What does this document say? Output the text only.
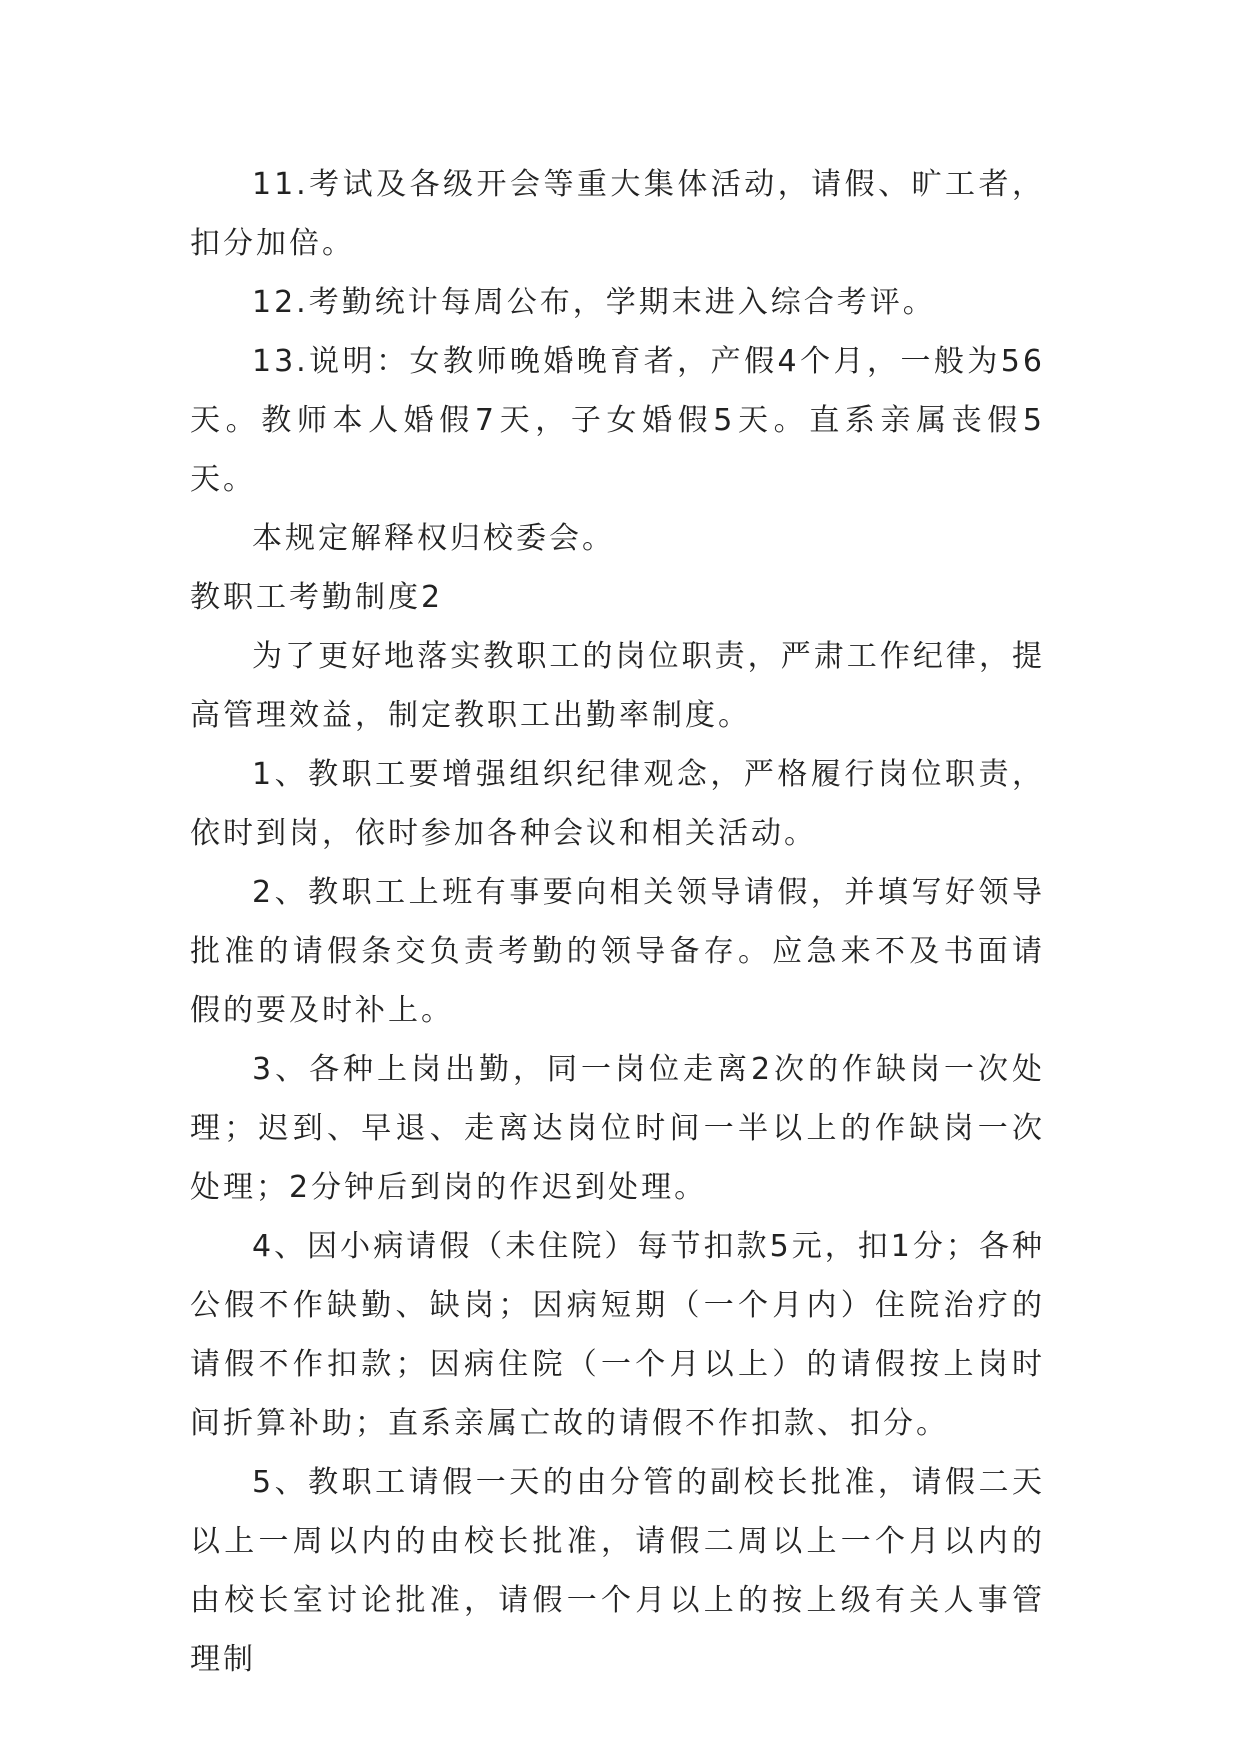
11.考试及各级开会等重大集体活动，请假、旷工者，扣分加倍。

12.考勤统计每周公布，学期末进入综合考评。

13.说明：女教师晚婚晚育者，产假4个月，一般为56天。教师本人婚假7天，子女婚假5天。直系亲属丧假5天。

本规定解释权归校委会。

教职工考勤制度2

为了更好地落实教职工的岗位职责，严肃工作纪律，提高管理效益，制定教职工出勤率制度。

1、教职工要增强组织纪律观念，严格履行岗位职责，依时到岗，依时参加各种会议和相关活动。

2、教职工上班有事要向相关领导请假，并填写好领导批准的请假条交负责考勤的领导备存。应急来不及书面请假的要及时补上。

3、各种上岗出勤，同一岗位走离2次的作缺岗一次处理；迟到、早退、走离达岗位时间一半以上的作缺岗一次处理；2分钟后到岗的作迟到处理。

4、因小病请假（未住院）每节扣款5元，扣1分；各种公假不作缺勤、缺岗；因病短期（一个月内）住院治疗的请假不作扣款；因病住院（一个月以上）的请假按上岗时间折算补助；直系亲属亡故的请假不作扣款、扣分。

5、教职工请假一天的由分管的副校长批准，请假二天以上一周以内的由校长批准，请假二周以上一个月以内的由校长室讨论批准，请假一个月以上的按上级有关人事管理制
